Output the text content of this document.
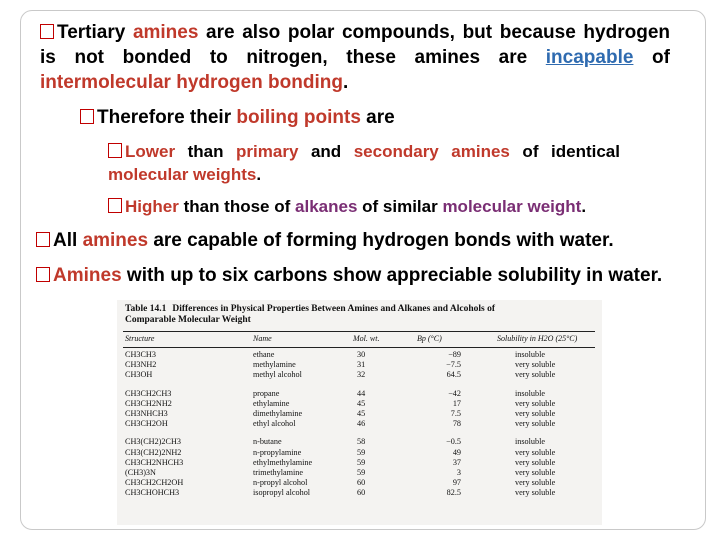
Tertiary amines are also polar compounds, but because hydrogen is not bonded to nitrogen, these amines are incapable of intermolecular hydrogen bonding.
Therefore their boiling points are
Lower than primary and secondary amines of identical molecular weights.
Higher than those of alkanes of similar molecular weight.
All amines are capable of forming hydrogen bonds with water.
Amines with up to six carbons show appreciable solubility in water.
Table 14.1 Differences in Physical Properties Between Amines and Alkanes and Alcohols of
Comparable Molecular Weight
Structure	Name	Mol. wt.	Bp (°C)	Solubility in H2O (25°C)
CH3CH3	ethane	30	−89	insoluble
CH3NH2	methylamine	31	−7.5	very soluble
CH3OH	methyl alcohol	32	64.5	very soluble
CH3CH2CH3	propane	44	−42	insoluble
CH3CH2NH2	ethylamine	45	17	very soluble
CH3NHCH3	dimethylamine	45	7.5	very soluble
CH3CH2OH	ethyl alcohol	46	78	very soluble
CH3(CH2)2CH3	n-butane	58	−0.5	insoluble
CH3(CH2)2NH2	n-propylamine	59	49	very soluble
CH3CH2NHCH3	ethylmethylamine	59	37	very soluble
(CH3)3N	trimethylamine	59	3	very soluble
CH3CH2CH2OH	n-propyl alcohol	60	97	very soluble
CH3CHOHCH3	isopropyl alcohol	60	82.5	very soluble
